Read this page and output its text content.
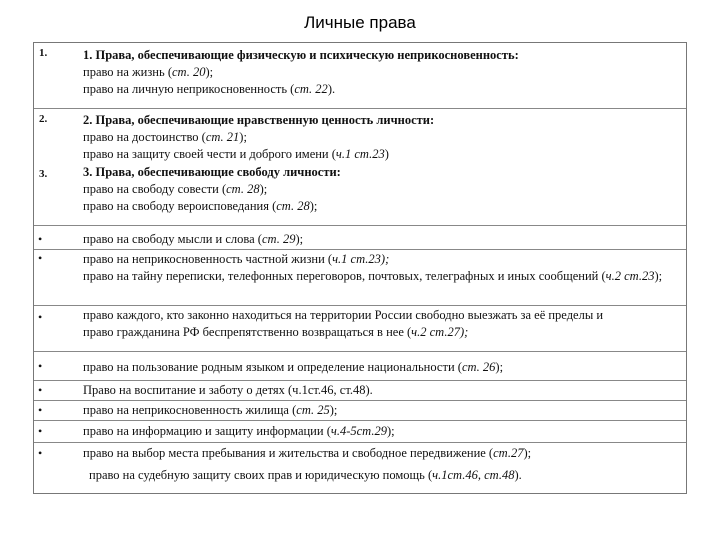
Личные права
1.	1. Права, обеспечивающие физическую и психическую неприкосновенность:
право на жизнь (ст. 20);
право на личную неприкосновенность (ст. 22).
2.	2. Права, обеспечивающие нравственную ценность личности:
право на достоинство (ст. 21);
право на защиту своей чести и доброго имени (ч.1 ст.23)
3.	3. Права, обеспечивающие свободу личности:
право на свободу совести (ст. 28);
право на свободу вероисповедания (ст. 28);
•	право на свободу мысли и слова (ст. 29);
•	право на неприкосновенность частной жизни (ч.1 ст.23);
право на тайну переписки, телефонных переговоров, почтовых, телеграфных и иных сообщений (ч.2 ст.23);
•	право каждого, кто законно находиться на территории России свободно выезжать за её пределы и
право гражданина РФ беспрепятственно возвращаться в нее (ч.2 ст.27);
•	право на пользование родным языком и определение национальности (ст. 26);
•	Право на воспитание и заботу о детях (ч.1ст.46, ст.48).
•	право на неприкосновенность жилища (ст. 25);
•	право на информацию и защиту информации (ч.4-5ст.29);
•	право на выбор места пребывания и жительства и свободное передвижение (ст.27);
право на судебную защиту своих прав и юридическую помощь (ч.1ст.46, ст.48).
